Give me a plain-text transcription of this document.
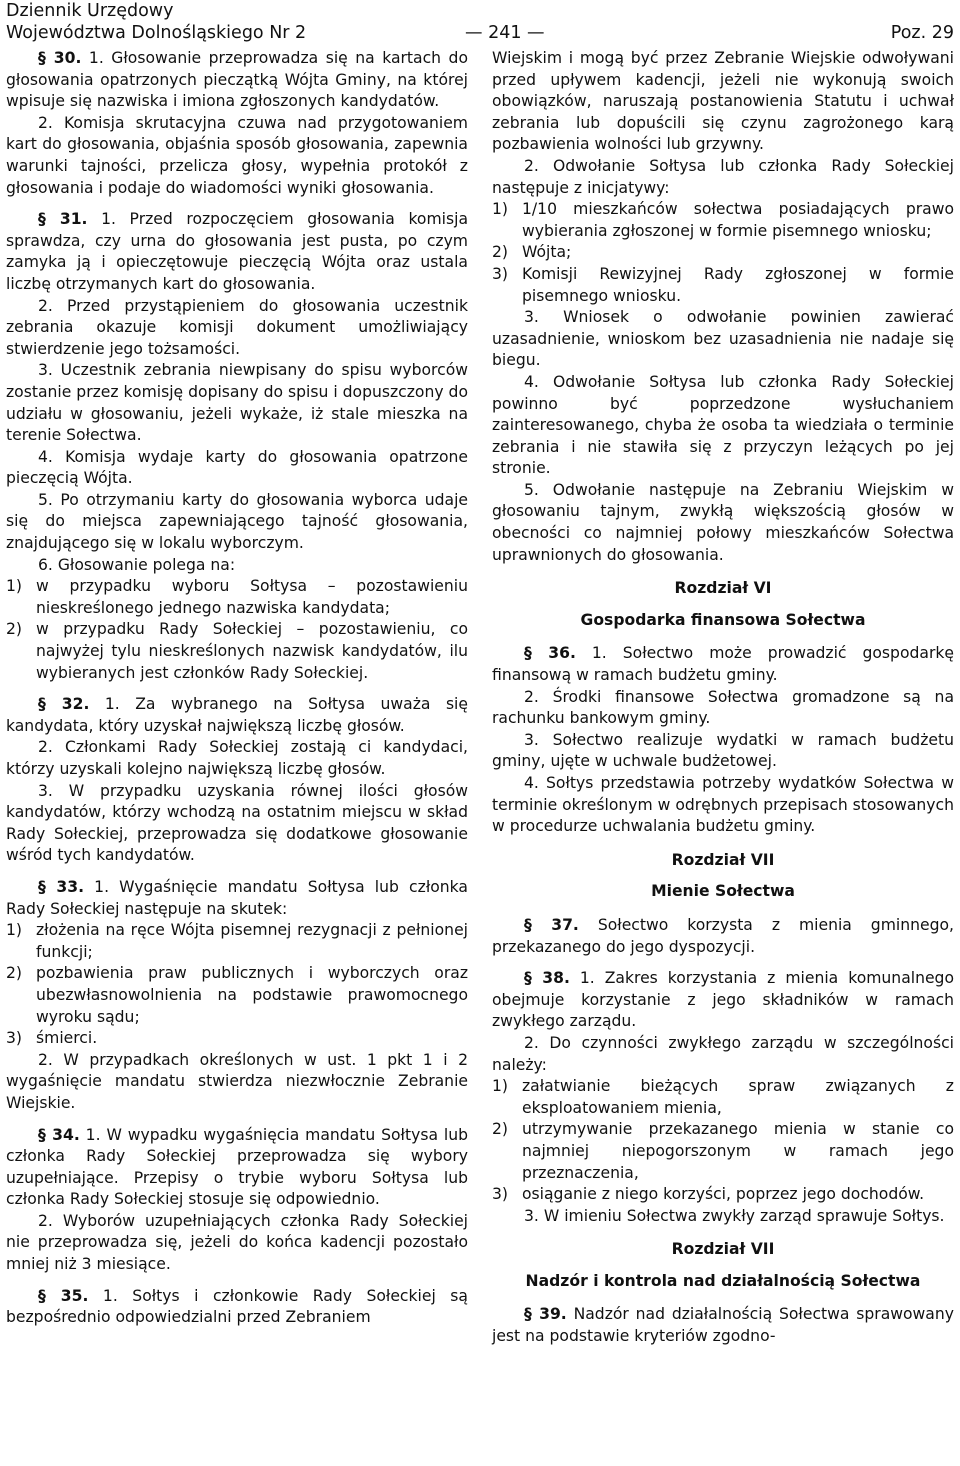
Dziennik Urzędowy
Województwa Dolnośląskiego Nr 2	— 241 —	Poz. 29

§ 30. 1. Głosowanie przeprowadza się na kartach do głosowania opatrzonych pieczątką Wójta Gminy, na której wpisuje się nazwiska i imiona zgłoszonych kandydatów.

2. Komisja skrutacyjna czuwa nad przygotowaniem kart do głosowania, objaśnia sposób głosowania, zapewnia warunki tajności, przelicza głosy, wypełnia protokół z głosowania i podaje do wiadomości wyniki głosowania.

§ 31. 1. Przed rozpoczęciem głosowania komisja sprawdza, czy urna do głosowania jest pusta, po czym zamyka ją i opieczętowuje pieczęcią Wójta oraz ustala liczbę otrzymanych kart do głosowania.

2. Przed przystąpieniem do głosowania uczestnik zebrania okazuje komisji dokument umożliwiający stwierdzenie jego tożsamości.

3. Uczestnik zebrania niewpisany do spisu wyborców zostanie przez komisję dopisany do spisu i dopuszczony do udziału w głosowaniu, jeżeli wykaże, iż stale mieszka na terenie Sołectwa.

4. Komisja wydaje karty do głosowania opatrzone pieczęcią Wójta.

5. Po otrzymaniu karty do głosowania wyborca udaje się do miejsca zapewniającego tajność głosowania, znajdującego się w lokalu wyborczym.

6. Głosowanie polega na:

1) w przypadku wyboru Sołtysa – pozostawieniu nieskreślonego jednego nazwiska kandydata;
2) w przypadku Rady Sołeckiej – pozostawieniu, co najwyżej tylu nieskreślonych nazwisk kandydatów, ilu wybieranych jest członków Rady Sołeckiej.

§ 32. 1. Za wybranego na Sołtysa uważa się kandydata, który uzyskał największą liczbę głosów.

2. Członkami Rady Sołeckiej zostają ci kandydaci, którzy uzyskali kolejno największą liczbę głosów.

3. W przypadku uzyskania równej ilości głosów kandydatów, którzy wchodzą na ostatnim miejscu w skład Rady Sołeckiej, przeprowadza się dodatkowe głosowanie wśród tych kandydatów.

§ 33. 1. Wygaśnięcie mandatu Sołtysa lub członka Rady Sołeckiej następuje na skutek:

1) złożenia na ręce Wójta pisemnej rezygnacji z pełnionej funkcji;
2) pozbawienia praw publicznych i wyborczych oraz ubezwłasnowolnienia na podstawie prawomocnego wyroku sądu;
3) śmierci.

2. W przypadkach określonych w ust. 1 pkt 1 i 2 wygaśnięcie mandatu stwierdza niezwłocznie Zebranie Wiejskie.

§ 34. 1. W wypadku wygaśnięcia mandatu Sołtysa lub członka Rady Sołeckiej przeprowadza się wybory uzupełniające. Przepisy o trybie wyboru Sołtysa lub członka Rady Sołeckiej stosuje się odpowiednio.

2. Wyborów uzupełniających członka Rady Sołeckiej nie przeprowadza się, jeżeli do końca kadencji pozostało mniej niż 3 miesiące.

§ 35. 1. Sołtys i członkowie Rady Sołeckiej są bezpośrednio odpowiedzialni przed Zebraniem

Wiejskim i mogą być przez Zebranie Wiejskie odwoływani przed upływem kadencji, jeżeli nie wykonują swoich obowiązków, naruszają postanowienia Statutu i uchwał zebrania lub dopuścili się czynu zagrożonego karą pozbawienia wolności lub grzywny.

2. Odwołanie Sołtysa lub członka Rady Sołeckiej następuje z inicjatywy:

1) 1/10 mieszkańców sołectwa posiadających prawo wybierania zgłoszonej w formie pisemnego wniosku;
2) Wójta;
3) Komisji Rewizyjnej Rady zgłoszonej w formie pisemnego wniosku.

3. Wniosek o odwołanie powinien zawierać uzasadnienie, wnioskom bez uzasadnienia nie nadaje się biegu.

4. Odwołanie Sołtysa lub członka Rady Sołeckiej powinno być poprzedzone wysłuchaniem zainteresowanego, chyba że osoba ta wiedziała o terminie zebrania i nie stawiła się z przyczyn leżących po jej stronie.

5. Odwołanie następuje na Zebraniu Wiejskim w głosowaniu tajnym, zwykłą większością głosów w obecności co najmniej połowy mieszkańców Sołectwa uprawnionych do głosowania.

Rozdział VI
Gospodarka finansowa Sołectwa

§ 36. 1. Sołectwo może prowadzić gospodarkę finansową w ramach budżetu gminy.

2. Środki finansowe Sołectwa gromadzone są na rachunku bankowym gminy.

3. Sołectwo realizuje wydatki w ramach budżetu gminy, ujęte w uchwale budżetowej.

4. Sołtys przedstawia potrzeby wydatków Sołectwa w terminie określonym w odrębnych przepisach stosowanych w procedurze uchwalania budżetu gminy.

Rozdział VII
Mienie Sołectwa

§ 37. Sołectwo korzysta z mienia gminnego, przekazanego do jego dyspozycji.

§ 38. 1. Zakres korzystania z mienia komunalnego obejmuje korzystanie z jego składników w ramach zwykłego zarządu.

2. Do czynności zwykłego zarządu w szczególności należy:

1) załatwianie bieżących spraw związanych z eksploatowaniem mienia,
2) utrzymywanie przekazanego mienia w stanie co najmniej niepogorszonym w ramach jego przeznaczenia,
3) osiąganie z niego korzyści, poprzez jego dochodów.

3. W imieniu Sołectwa zwykły zarząd sprawuje Sołtys.

Rozdział VII
Nadzór i kontrola nad działalnością Sołectwa

§ 39. Nadzór nad działalnością Sołectwa sprawowany jest na podstawie kryteriów zgodno-
